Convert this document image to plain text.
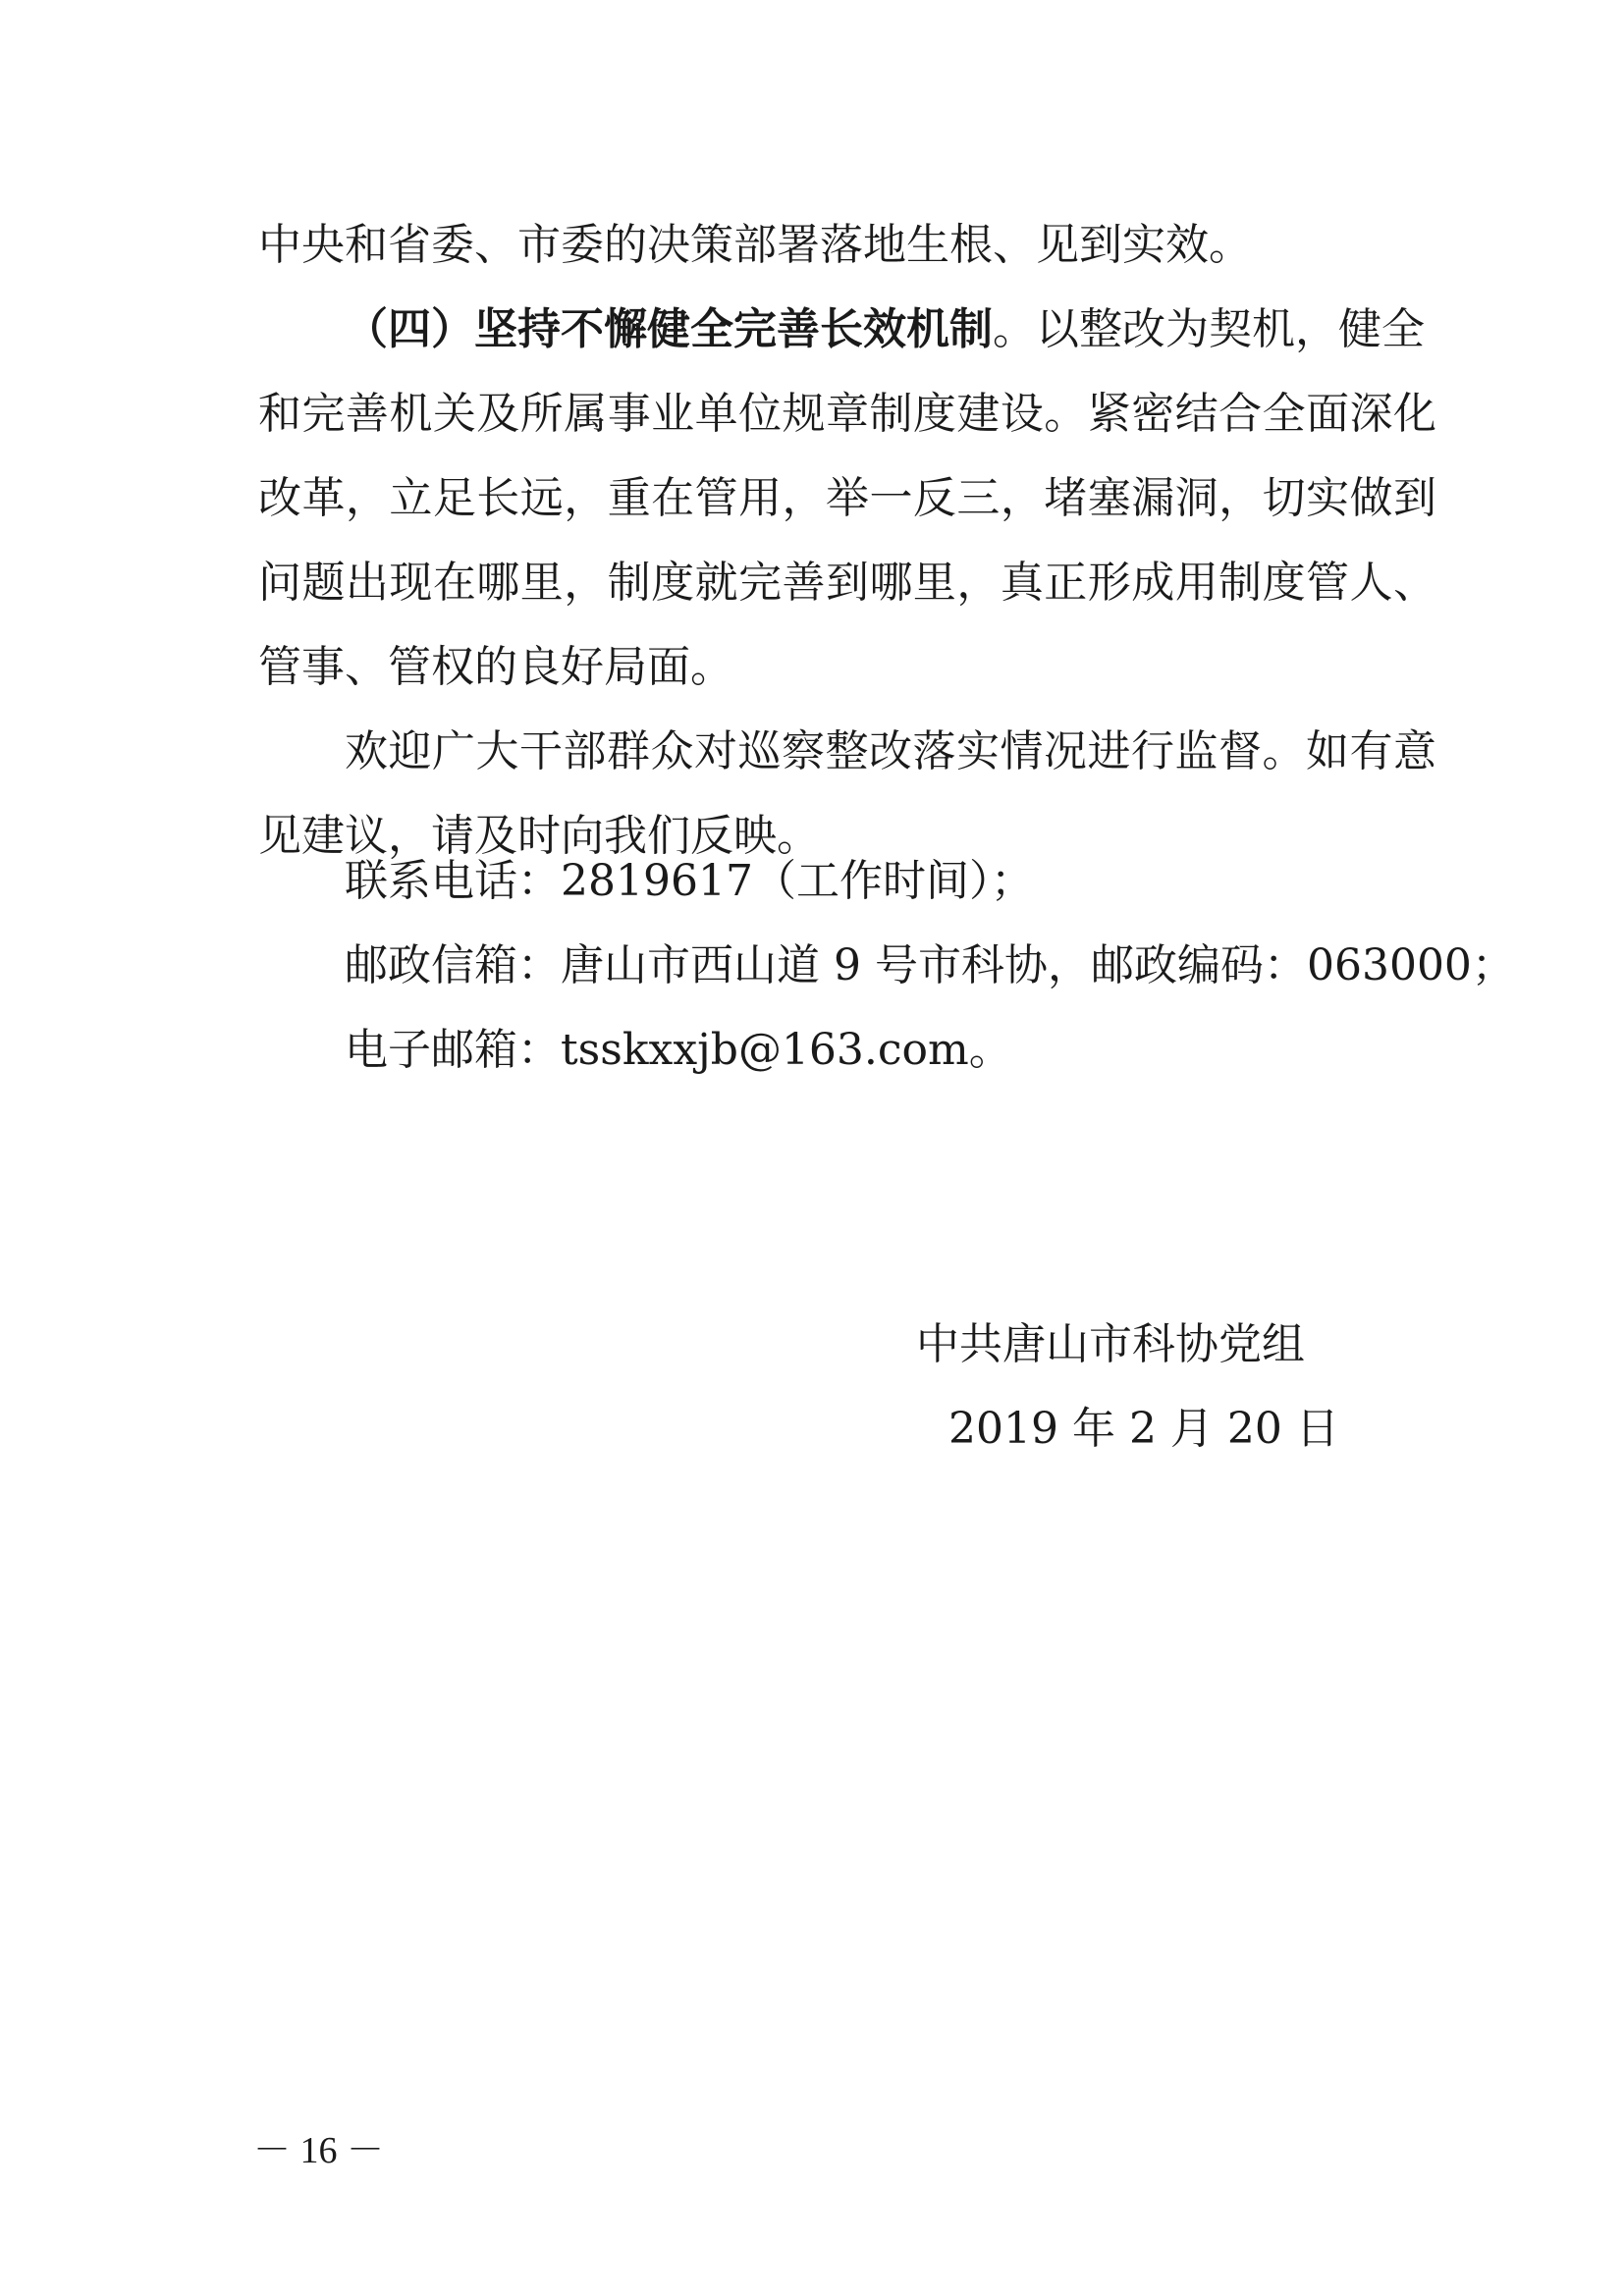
中央和省委、市委的决策部署落地生根、见到实效。
（四）坚持不懈健全完善长效机制。以整改为契机，健全
和完善机关及所属事业单位规章制度建设。紧密结合全面深化
改革，立足长远，重在管用，举一反三，堵塞漏洞，切实做到
问题出现在哪里，制度就完善到哪里，真正形成用制度管人、
管事、管权的良好局面。
欢迎广大干部群众对巡察整改落实情况进行监督。如有意
见建议，请及时向我们反映。
联系电话：2819617（工作时间）；
邮政信箱：唐山市西山道 9 号市科协，邮政编码：063000；
电子邮箱：tsskxxjb@163.com。
中共唐山市科协党组
2019 年 2 月 20 日
－ 16 －
